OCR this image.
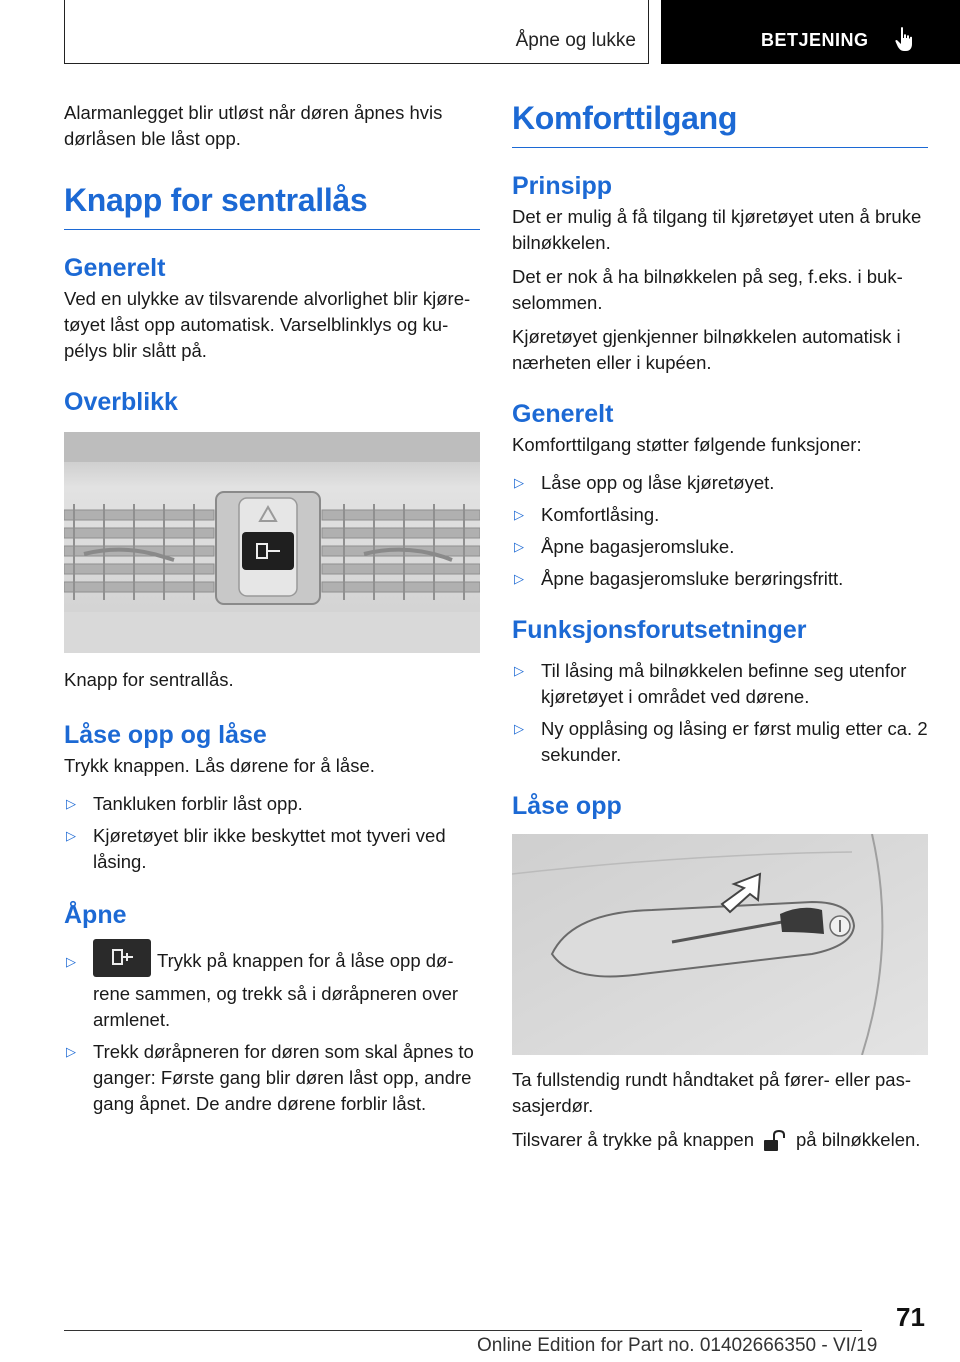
Åpne og lukke	BETJENING

Alarmanlegget blir utløst når døren åpnes hvis dørlåsen ble låst opp.

Knapp for sentrallås
Generelt

Ved en ulykke av tilsvarende alvorlighet blir kjøretøyet låst opp automatisk. Varselblinklys og kupélys blir slått på.

Overblikk

Knapp for sentrallås.

Låse opp og låse

Trykk knappen. Lås dørene for å låse.

▷ Tankluken forblir låst opp.
▷ Kjøretøyet blir ikke beskyttet mot tyveri ved låsing.
Åpne
▷	Trykk på knappen for å låse opp dørene sammen, og trekk så i døråpneren over armlenet.
▷ Trekk døråpneren for døren som skal åpnes to ganger: Første gang blir døren låst opp, andre gang åpnet. De andre dørene forblir låst.
Komforttilgang
Prinsipp

Det er mulig å få tilgang til kjøretøyet uten å bruke bilnøkkelen.

Det er nok å ha bilnøkkelen på seg, f.eks. i bukselommen.

Kjøretøyet gjenkjenner bilnøkkelen automatisk i nærheten eller i kupéen.

Generelt

Komforttilgang støtter følgende funksjoner:

▷ Låse opp og låse kjøretøyet.
▷ Komfortlåsing.
▷ Åpne bagasjeromsluke.
▷ Åpne bagasjeromsluke berøringsfritt.
Funksjonsforutsetninger
▷ Til låsing må bilnøkkelen befinne seg utenfor kjøretøyet i området ved dørene.
▷ Ny opplåsing og låsing er først mulig etter ca. 2 sekunder.
Låse opp

Ta fullstendig rundt håndtaket på fører- eller passasjerdør.

Tilsvarer å trykke på knappen på bilnøkkelen.

71
Online Edition for Part no. 01402666350 - VI/19
